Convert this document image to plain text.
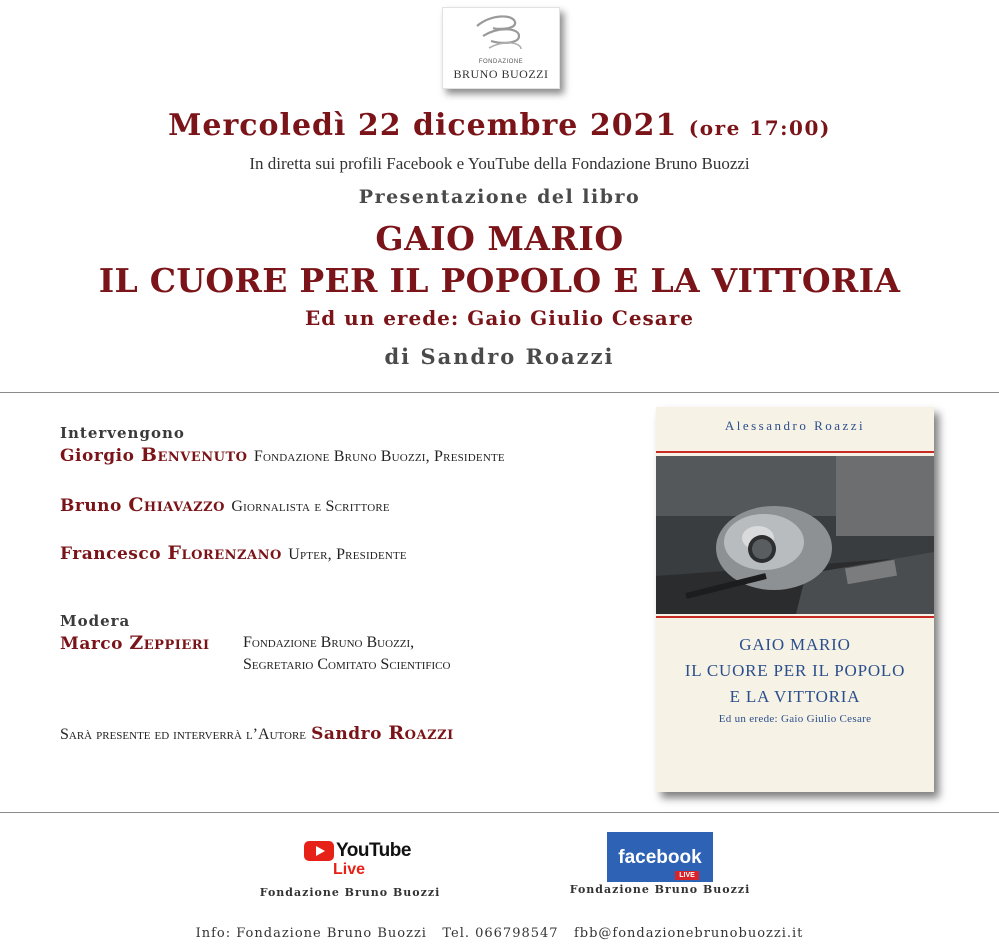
FONDAZIONE
BRUNO BUOZZI
Mercoledì 22 dicembre 2021 (ore 17:00)
In diretta sui profili Facebook e YouTube della Fondazione Bruno Buozzi
Presentazione del libro
GAIO MARIO
IL CUORE PER IL POPOLO E LA VITTORIA
Ed un erede: Gaio Giulio Cesare
di Sandro Roazzi
Intervengono
Giorgio Benvenuto Fondazione Bruno Buozzi, Presidente
Bruno Chiavazzo Giornalista e Scrittore
Francesco Florenzano Upter, Presidente
Modera
Marco Zeppieri Fondazione Bruno Buozzi,
Segretario Comitato Scientifico
Sarà presente ed interverrà l’Autore Sandro Roazzi
Alessandro Roazzi
GAIO MARIO
IL CUORE PER IL POPOLO
E LA VITTORIA
Ed un erede: Gaio Giulio Cesare
YouTube
Live
Fondazione Bruno Buozzi
facebook
LIVE
Fondazione Bruno Buozzi
Info: Fondazione Bruno Buozzi   Tel. 066798547   fbb@fondazionebrunobuozzi.it
